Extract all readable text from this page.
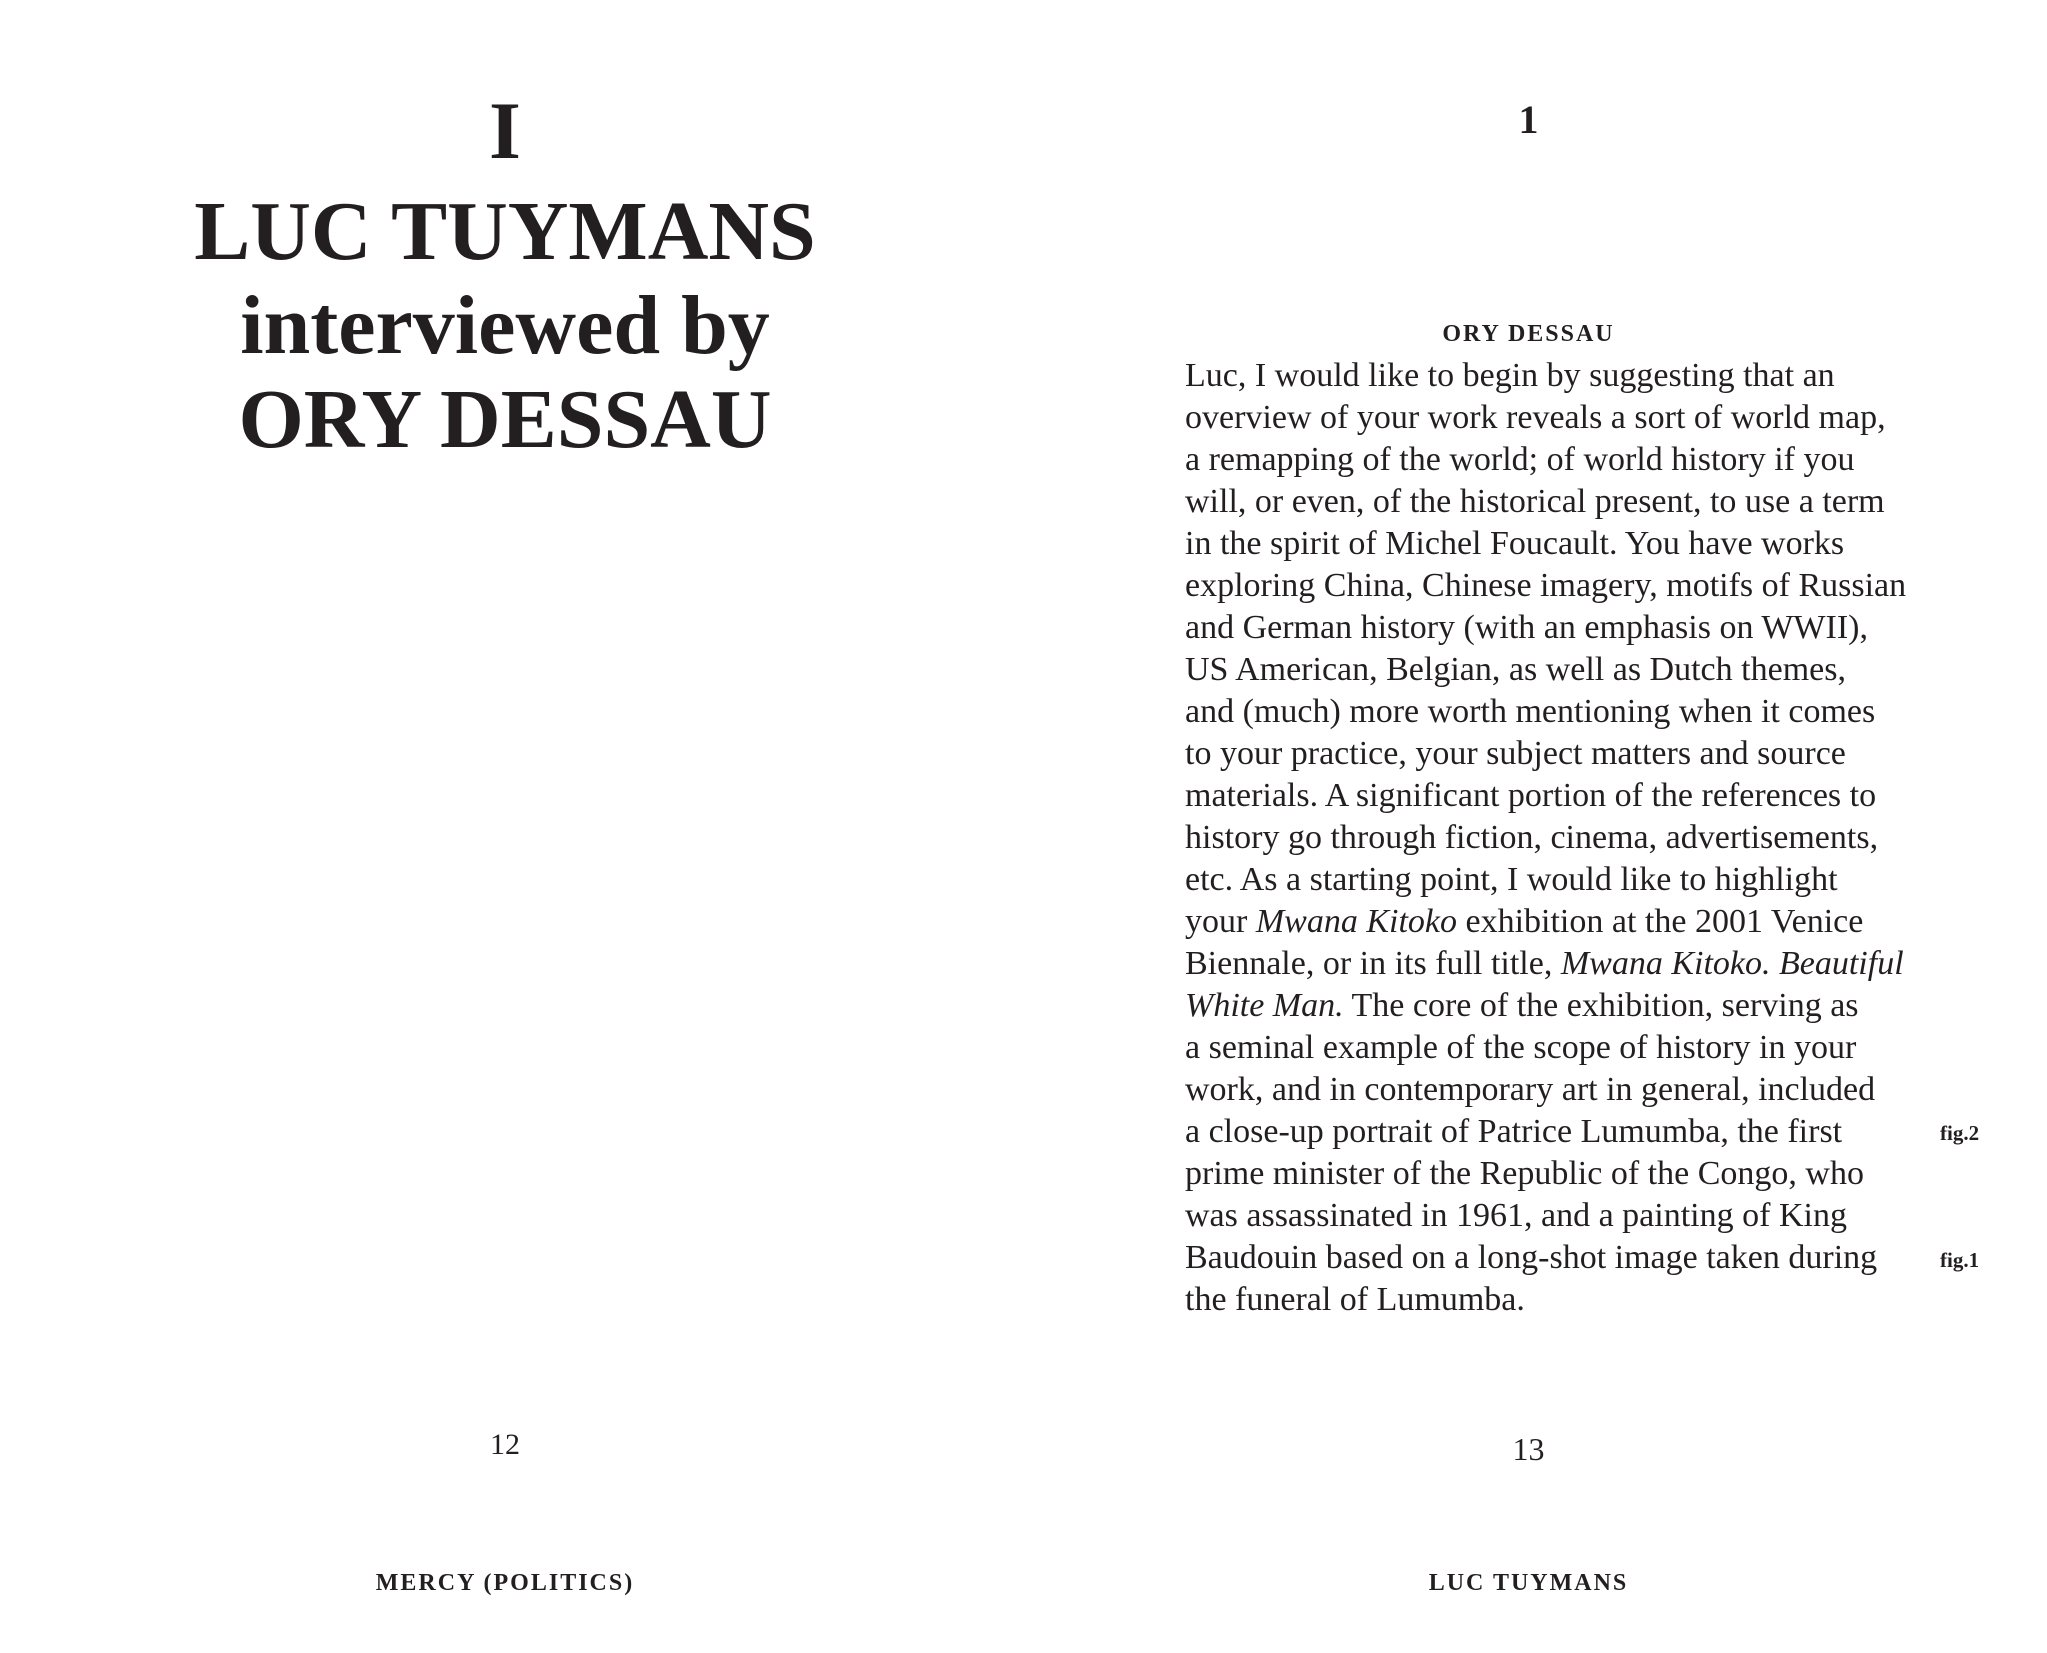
I
LUC TUYMANS
interviewed by
ORY DESSAU
12
MERCY (POLITICS)
1
ORY DESSAU
Luc, I would like to begin by suggesting that an
overview of your work reveals a sort of world map,
a remapping of the world; of world history if you
will, or even, of the historical present, to use a term
in the spirit of Michel Foucault. You have works
exploring China, Chinese imagery, motifs of Russian
and German history (with an emphasis on WWII),
US American, Belgian, as well as Dutch themes,
and (much) more worth mentioning when it comes
to your practice, your subject matters and source
materials. A significant portion of the references to
history go through fiction, cinema, advertisements,
etc. As a starting point, I would like to highlight
your Mwana Kitoko exhibition at the 2001 Venice
Biennale, or in its full title, Mwana Kitoko. Beautiful
White Man. The core of the exhibition, serving as
a seminal example of the scope of history in your
work, and in contemporary art in general, included
a close-up portrait of Patrice Lumumba, the first
prime minister of the Republic of the Congo, who
was assassinated in 1961, and a painting of King
Baudouin based on a long-shot image taken during
the funeral of Lumumba.
fig.2
fig.1
13
LUC TUYMANS
